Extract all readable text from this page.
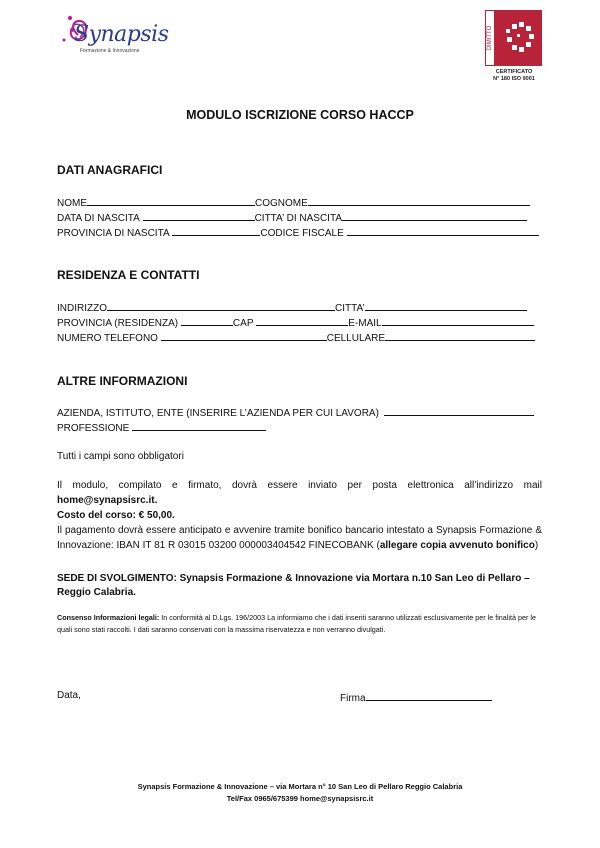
Synapsis
Formazione & Innovazione
DIMITTO
CERTIFICATO
N° 180 ISO 9001
MODULO ISCRIZIONE CORSO HACCP
DATI ANAGRAFICI
NOME	COGNOME
DATA DI NASCITA	CITTA’ DI NASCITA
PROVINCIA DI NASCITA	CODICE FISCALE
RESIDENZA E CONTATTI
INDIRIZZO	CITTA’
PROVINCIA (RESIDENZA)	CAP	E-MAIL
NUMERO TELEFONO	CELLULARE
ALTRE INFORMAZIONI
AZIENDA, ISTITUTO, ENTE (INSERIRE L’AZIENDA PER CUI LAVORA)
PROFESSIONE
Tutti i campi sono obbligatori
Il modulo, compilato e firmato, dovrà essere inviato per posta elettronica all’indirizzo mail home@synapsisrc.it.
Costo del corso: € 50,00.
Il pagamento dovrà essere anticipato e avvenire tramite bonifico bancario intestato a Synapsis Formazione & Innovazione: IBAN IT 81 R 03015 03200 000003404542 FINECOBANK (allegare copia avvenuto bonifico)
SEDE DI SVOLGIMENTO: Synapsis Formazione & Innovazione via Mortara n.10 San Leo di Pellaro – Reggio Calabria.
Consenso Informazioni legali: In conformità al D.Lgs. 196/2003 La informiamo che i dati inseriti saranno utilizzati esclusivamente per le finalità per le quali sono stati raccolti. I dati saranno conservati con la massima riservatezza e non verranno divulgati.
Data,	Firma
Synapsis Formazione & Innovazione – via Mortara n° 10 San Leo di Pellaro Reggio Calabria
Tel/Fax 0965/675399 home@synapsisrc.it
